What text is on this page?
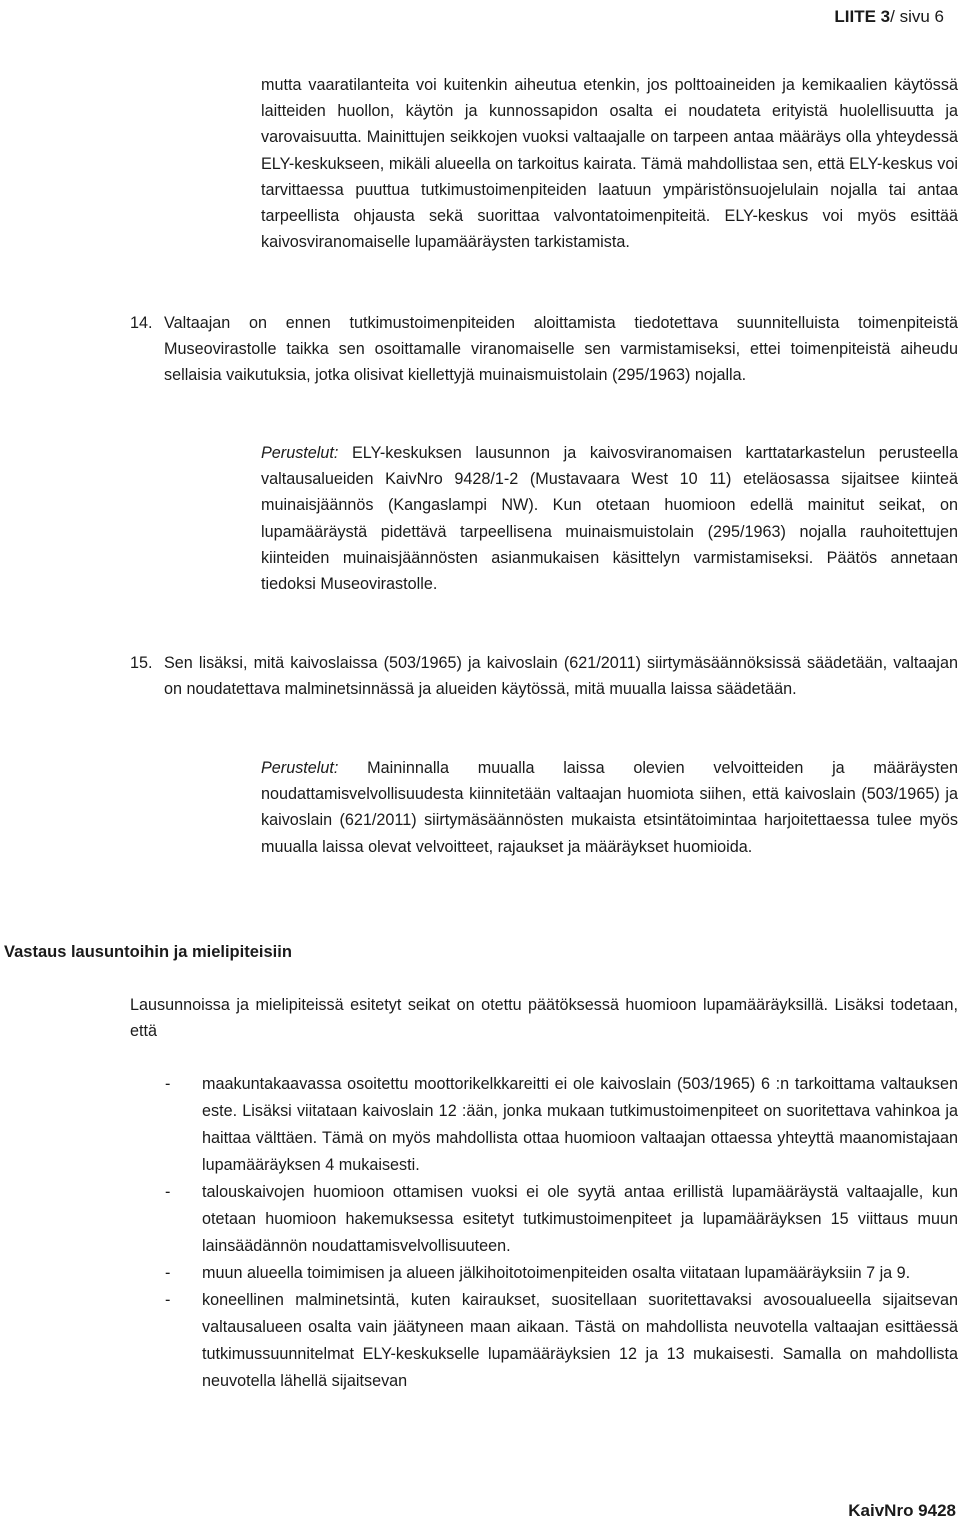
LIITE 3/ sivu 6

mutta vaaratilanteita voi kuitenkin aiheutua etenkin, jos polttoaineiden ja kemikaalien käytössä laitteiden huollon, käytön ja kunnossapidon osalta ei noudateta erityistä huolellisuutta ja varovaisuutta. Mainittujen seikkojen vuoksi valtaajalle on tarpeen antaa määräys olla yhteydessä ELY-keskukseen, mikäli alueella on tarkoitus kairata. Tämä mahdollistaa sen, että ELY-keskus voi tarvittaessa puuttua tutkimustoimenpiteiden laatuun ympäristönsuojelulain nojalla tai antaa tarpeellista ohjausta sekä suorittaa valvontatoimenpiteitä. ELY-keskus voi myös esittää kaivosviranomaiselle lupamääräysten tarkistamista.

14. Valtaajan on ennen tutkimustoimenpiteiden aloittamista tiedotettava suunnitelluista toimenpiteistä Museovirastolle taikka sen osoittamalle viranomaiselle sen varmistamiseksi, ettei toimenpiteistä aiheudu sellaisia vaikutuksia, jotka olisivat kiellettyjä muinaismuistolain (295/1963) nojalla.

Perustelut: ELY-keskuksen lausunnon ja kaivosviranomaisen karttatarkastelun perusteella valtausalueiden KaivNro 9428/1-2 (Mustavaara West 10 11) eteläosassa sijaitsee kiinteä muinaisjäännös (Kangaslampi NW). Kun otetaan huomioon edellä mainitut seikat, on lupamääräystä pidettävä tarpeellisena muinaismuistolain (295/1963) nojalla rauhoitettujen kiinteiden muinaisjäännösten asianmukaisen käsittelyn varmistamiseksi. Päätös annetaan tiedoksi Museovirastolle.

15. Sen lisäksi, mitä kaivoslaissa (503/1965) ja kaivoslain (621/2011) siirtymäsäännöksissä säädetään, valtaajan on noudatettava malminetsinnässä ja alueiden käytössä, mitä muualla laissa säädetään.

Perustelut: Maininnalla muualla laissa olevien velvoitteiden ja määräysten noudattamisvelvollisuudesta kiinnitetään valtaajan huomiota siihen, että kaivoslain (503/1965) ja kaivoslain (621/2011) siirtymäsäännösten mukaista etsintätoimintaa harjoitettaessa tulee myös muualla laissa olevat velvoitteet, rajaukset ja määräykset huomioida.

Vastaus lausuntoihin ja mielipiteisiin

Lausunnoissa ja mielipiteissä esitetyt seikat on otettu päätöksessä huomioon lupamääräyksillä. Lisäksi todetaan, että

- maakuntakaavassa osoitettu moottorikelkkareitti ei ole kaivoslain (503/1965) 6 :n tarkoittama valtauksen este. Lisäksi viitataan kaivoslain 12 :ään, jonka mukaan tutkimustoimenpiteet on suoritettava vahinkoa ja haittaa välttäen. Tämä on myös mahdollista ottaa huomioon valtaajan ottaessa yhteyttä maanomistajaan lupamääräyksen 4 mukaisesti.
- talouskaivojen huomioon ottamisen vuoksi ei ole syytä antaa erillistä lupamääräystä valtaajalle, kun otetaan huomioon hakemuksessa esitetyt tutkimustoimenpiteet ja lupamääräyksen 15 viittaus muun lainsäädännön noudattamisvelvollisuuteen.
- muun alueella toimimisen ja alueen jälkihoitotoimenpiteiden osalta viitataan lupamääräyksiin 7 ja 9.
- koneellinen malminetsintä, kuten kairaukset, suositellaan suoritettavaksi avosoualueella sijaitsevan valtausalueen osalta vain jäätyneen maan aikaan. Tästä on mahdollista neuvotella valtaajan esittäessä tutkimussuunnitelmat ELY-keskukselle lupamääräyksien 12 ja 13 mukaisesti. Samalla on mahdollista neuvotella lähellä sijaitsevan
KaivNro 9428
